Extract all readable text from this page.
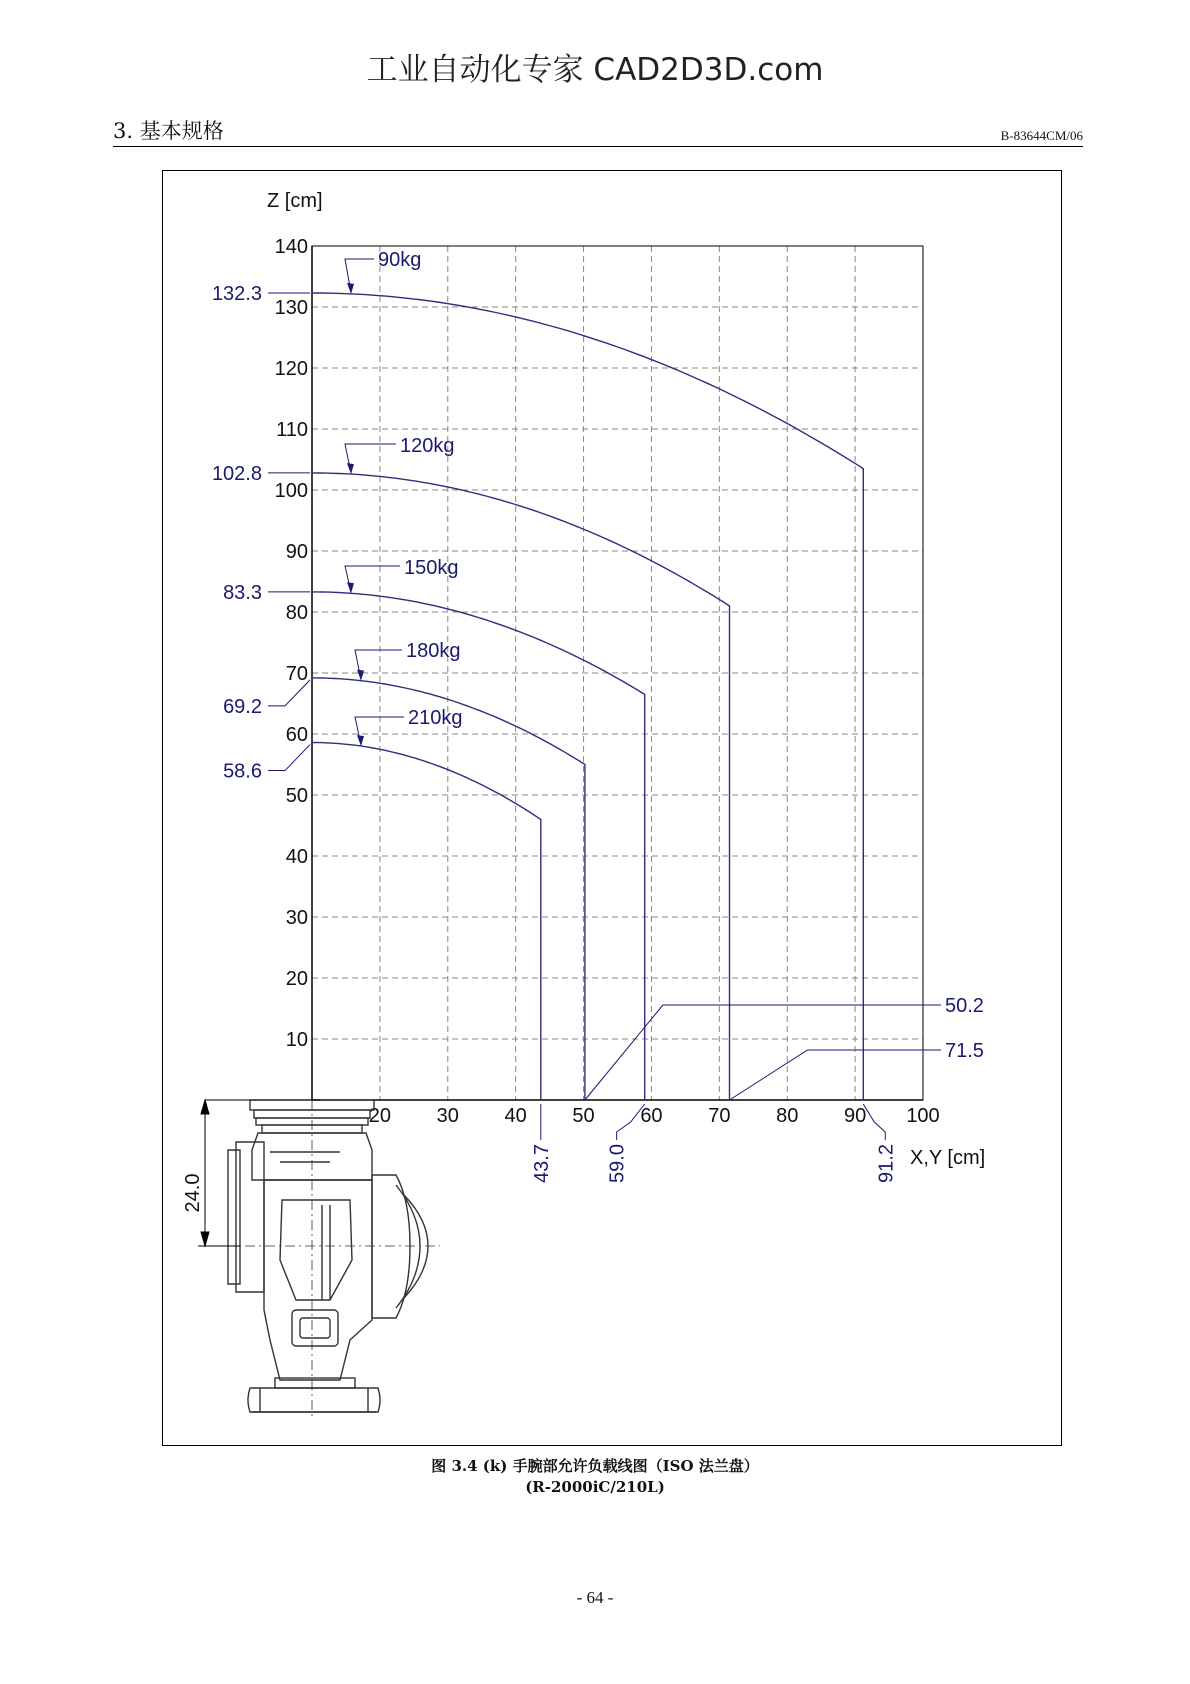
工业自动化专家 CAD2D3D.com
3. 基本规格	B-83644CM/06
Z [cm]
X,Y [cm]
10
20
30
40
50
60
70
80
90
100
110
120
130
140
20 30 40 50 60 70 80 90 100
24.0
132.3
90kg
91.2
102.8
120kg
71.5
83.3
150kg
59.0
69.2
180kg
50.2
58.6
210kg
43.7
图 3.4 (k) 手腕部允许负载线图（ISO 法兰盘）
(R-2000iC/210L)
- 64 -
